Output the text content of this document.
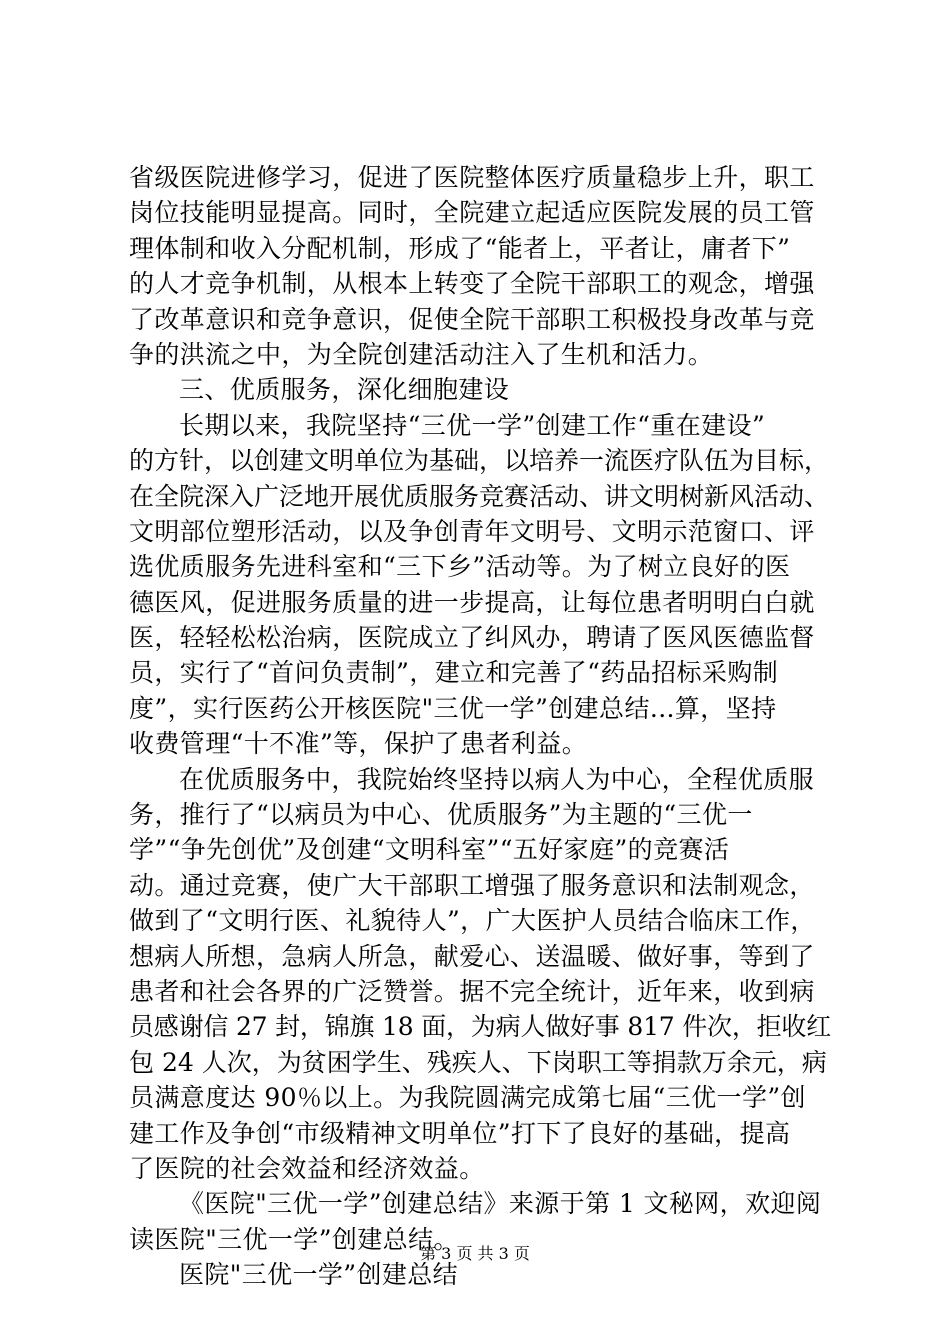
省级医院进修学习，促进了医院整体医疗质量稳步上升，职工
岗位技能明显提高。同时，全院建立起适应医院发展的员工管
理体制和收入分配机制，形成了“能者上，平者让，庸者下”
的人才竞争机制，从根本上转变了全院干部职工的观念，增强
了改革意识和竞争意识，促使全院干部职工积极投身改革与竞
争的洪流之中，为全院创建活动注入了生机和活力。
三、优质服务，深化细胞建设
长期以来，我院坚持“三优一学”创建工作“重在建设”
的方针，以创建文明单位为基础，以培养一流医疗队伍为目标，
在全院深入广泛地开展优质服务竞赛活动、讲文明树新风活动、
文明部位塑形活动，以及争创青年文明号、文明示范窗口、评
选优质服务先进科室和“三下乡”活动等。为了树立良好的医
德医风，促进服务质量的进一步提高，让每位患者明明白白就
医，轻轻松松治病，医院成立了纠风办，聘请了医风医德监督
员，实行了“首问负责制”，建立和完善了“药品招标采购制
度”，实行医药公开核医院"三优一学”创建总结...算，坚持
收费管理“十不准”等，保护了患者利益。
在优质服务中，我院始终坚持以病人为中心，全程优质服
务，推行了“以病员为中心、优质服务”为主题的“三优一
学”“争先创优”及创建“文明科室”“五好家庭”的竞赛活
动。通过竞赛，使广大干部职工增强了服务意识和法制观念，
做到了“文明行医、礼貌待人”，广大医护人员结合临床工作，
想病人所想，急病人所急，献爱心、送温暖、做好事，等到了
患者和社会各界的广泛赞誉。据不完全统计，近年来，收到病
员感谢信 27 封，锦旗 18 面，为病人做好事 817 件次，拒收红
包 24 人次，为贫困学生、残疾人、下岗职工等捐款万余元，病
员满意度达 90％以上。为我院圆满完成第七届“三优一学”创
建工作及争创“市级精神文明单位”打下了良好的基础，提高
了医院的社会效益和经济效益。
《医院"三优一学”创建总结》来源于第 1 文秘网，欢迎阅
读医院"三优一学”创建总结。
医院"三优一学”创建总结
第 3 页 共 3 页
